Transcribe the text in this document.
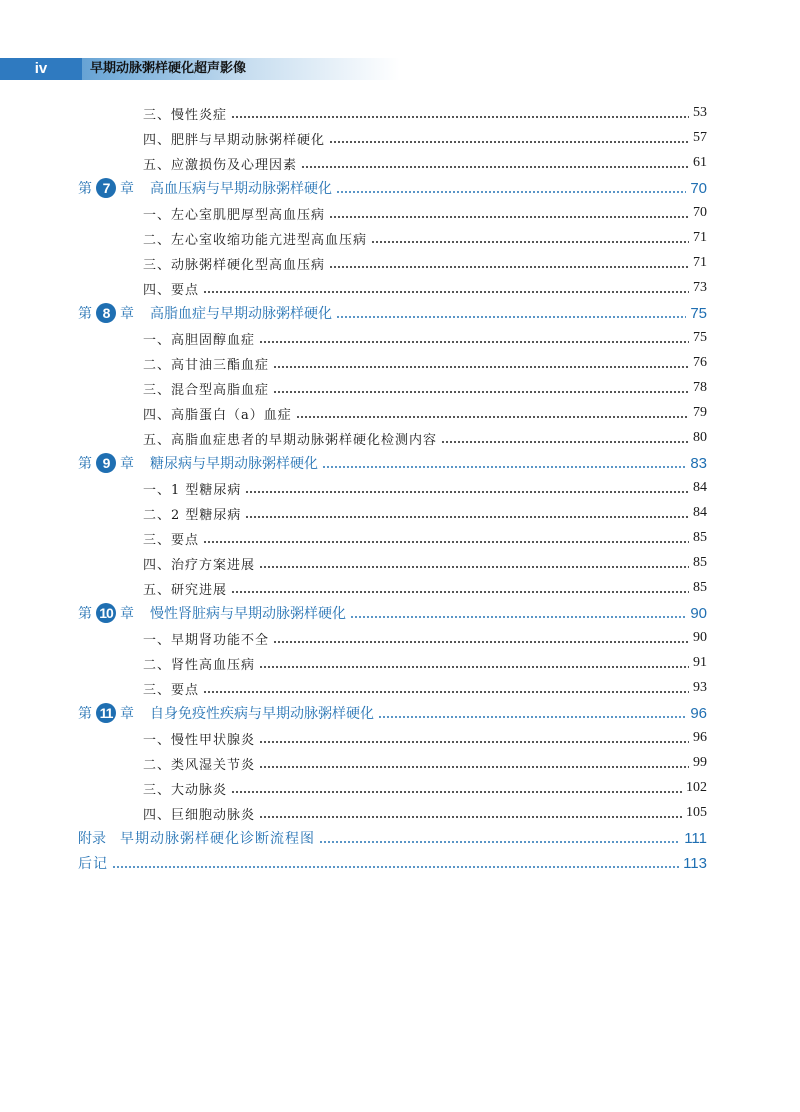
iv	早期动脉粥样硬化超声影像
三、慢性炎症	53
四、肥胖与早期动脉粥样硬化	57
五、应激损伤及心理因素	61
第 7 章 高血压病与早期动脉粥样硬化	70
一、左心室肌肥厚型高血压病	70
二、左心室收缩功能亢进型高血压病	71
三、动脉粥样硬化型高血压病	71
四、要点	73
第 8 章 高脂血症与早期动脉粥样硬化	75
一、高胆固醇血症	75
二、高甘油三酯血症	76
三、混合型高脂血症	78
四、高脂蛋白（a）血症	79
五、高脂血症患者的早期动脉粥样硬化检测内容	80
第 9 章 糖尿病与早期动脉粥样硬化	83
一、1 型糖尿病	84
二、2 型糖尿病	84
三、要点	85
四、治疗方案进展	85
五、研究进展	85
第 10 章 慢性肾脏病与早期动脉粥样硬化	90
一、早期肾功能不全	90
二、肾性高血压病	91
三、要点	93
第 11 章 自身免疫性疾病与早期动脉粥样硬化	96
一、慢性甲状腺炎	96
二、类风湿关节炎	99
三、大动脉炎	102
四、巨细胞动脉炎	105
附录 早期动脉粥样硬化诊断流程图	111
后记	113
